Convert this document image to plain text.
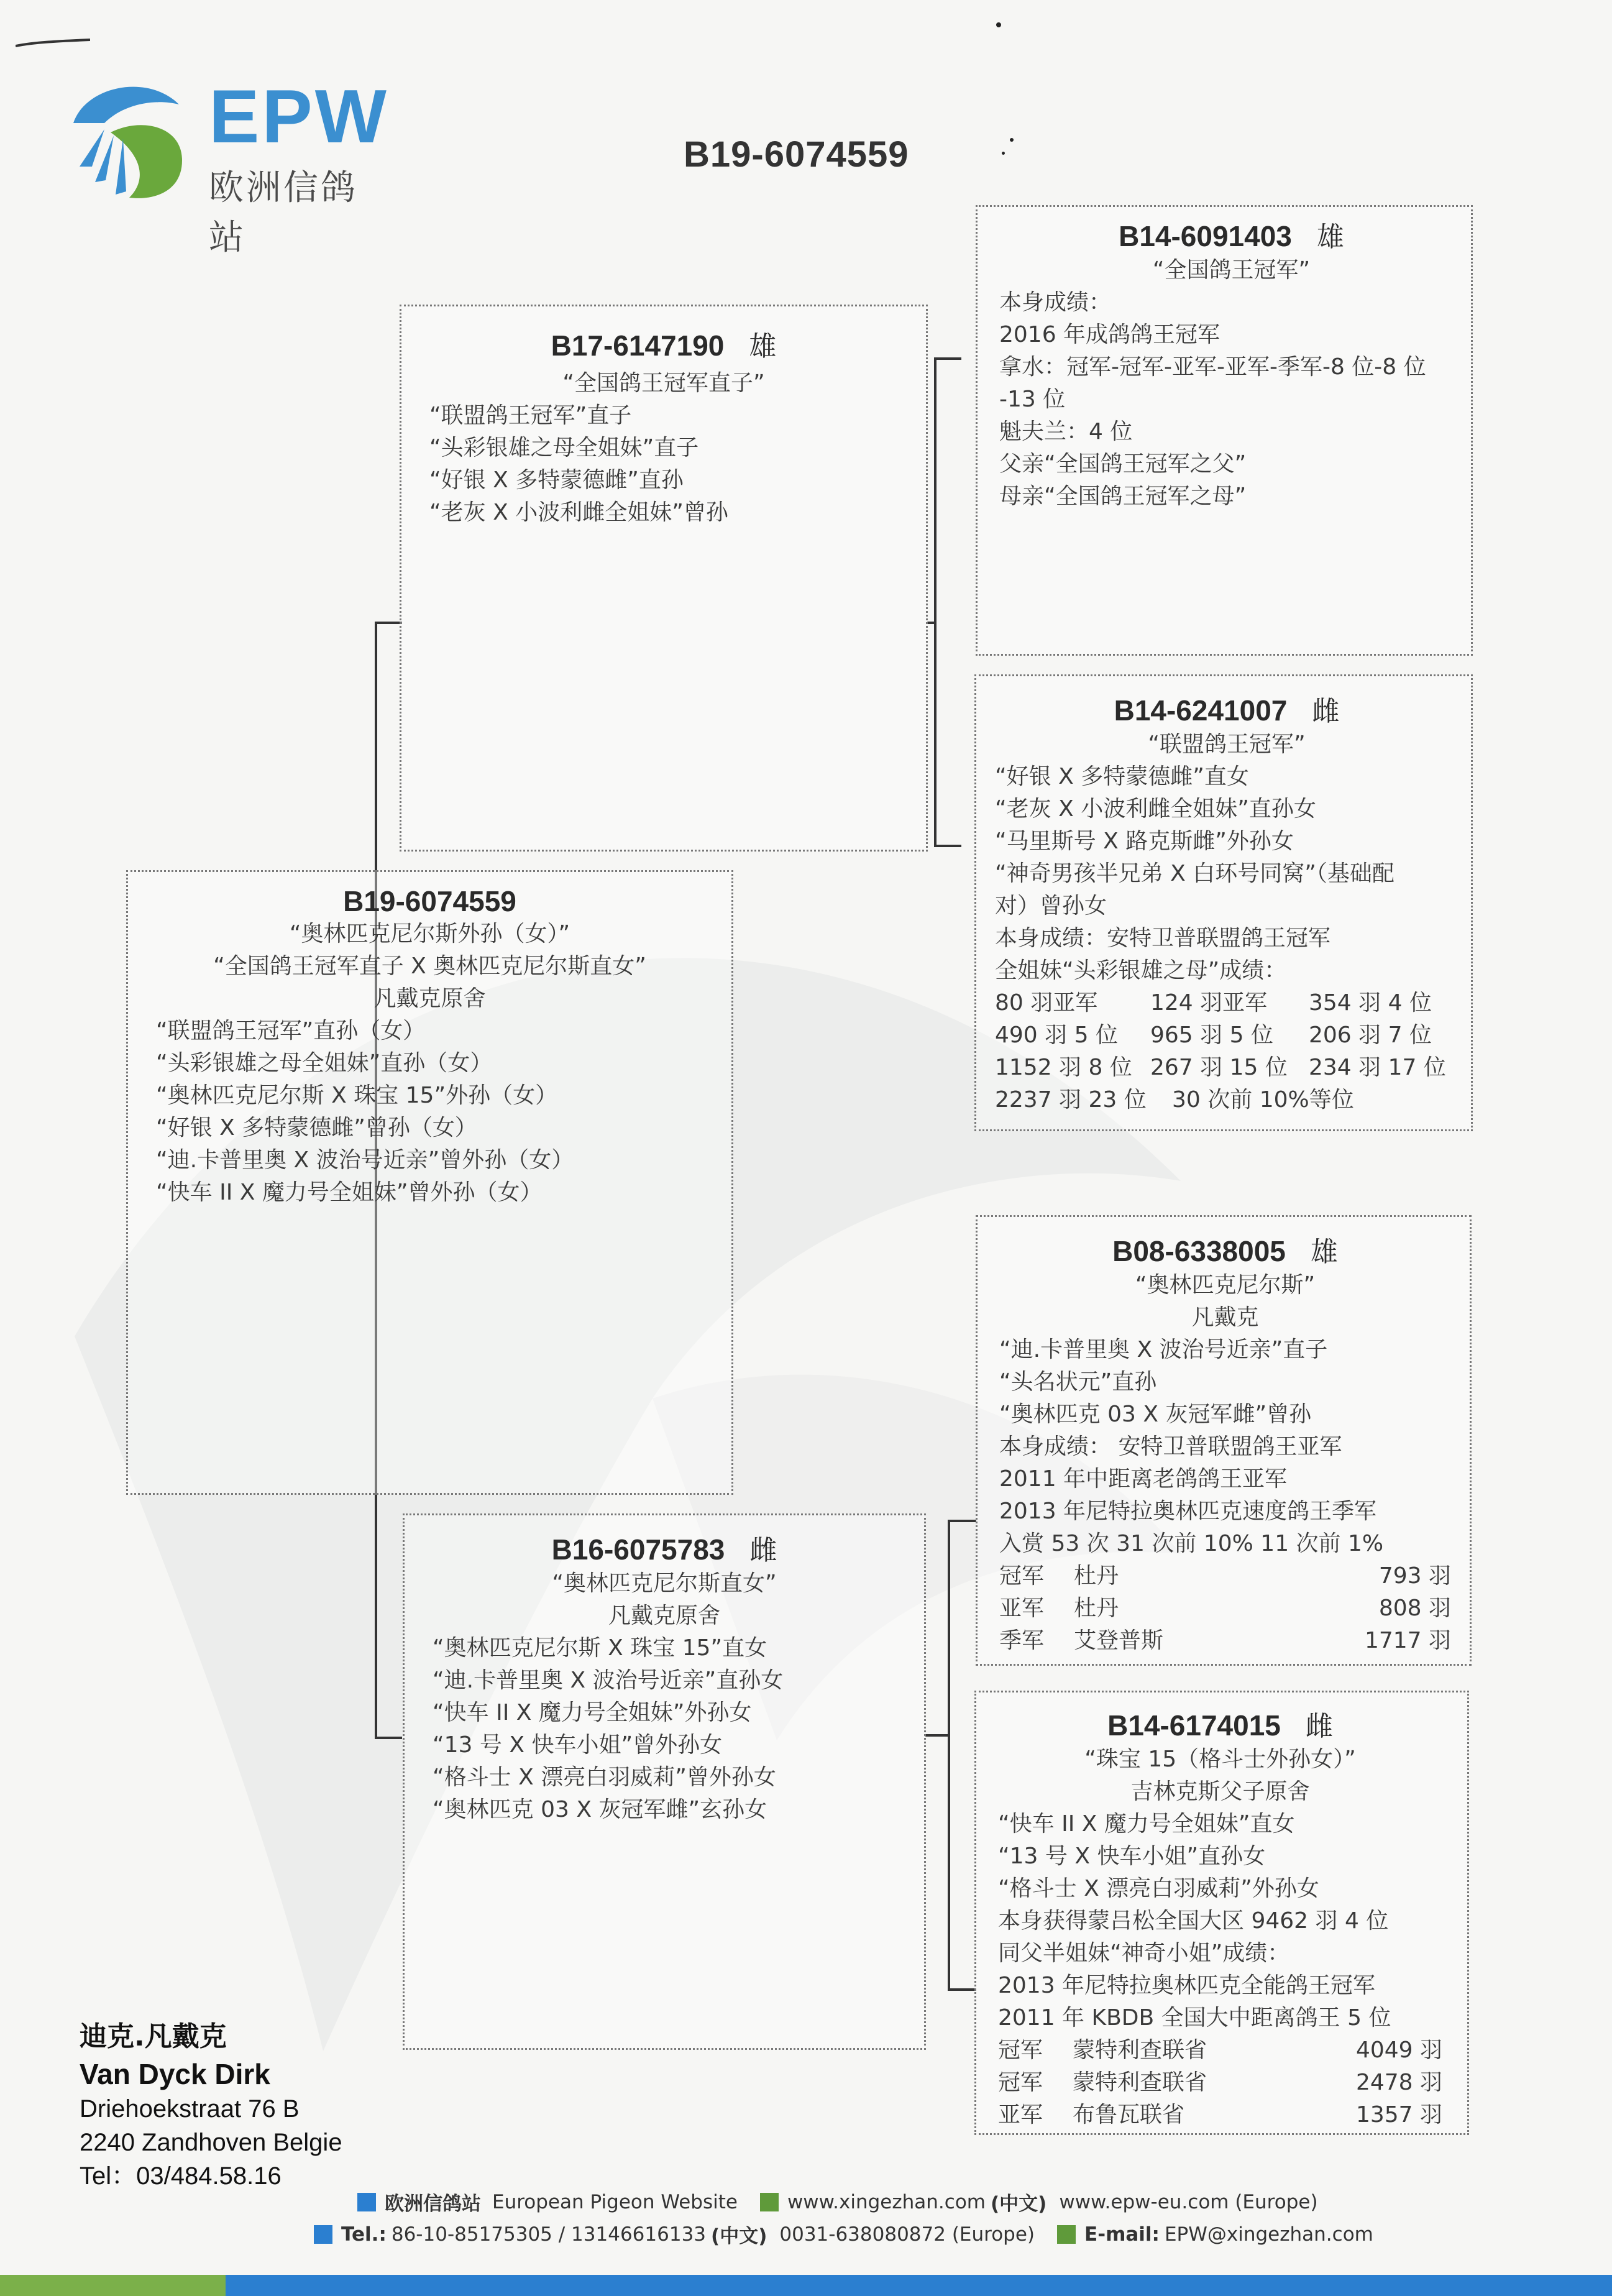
EPW
欧洲信鸽站
B19-6074559
B17-6147190 雄
“全国鸽王冠军直子”
“联盟鸽王冠军”直子
“头彩银雄之母全姐妹”直子
“好银 X 多特蒙德雌”直孙
“老灰 X 小波利雌全姐妹”曾孙
B19-6074559
“奥林匹克尼尔斯外孙（女）”
“全国鸽王冠军直子 X 奥林匹克尼尔斯直女”
凡戴克原舍
“联盟鸽王冠军”直孙（女）
“头彩银雄之母全姐妹”直孙（女）
“奥林匹克尼尔斯 X 珠宝 15”外孙（女）
“好银 X 多特蒙德雌”曾孙（女）
“迪.卡普里奥 X 波治号近亲”曾外孙（女）
“快车 II X 魔力号全姐妹”曾外孙（女）
B16-6075783 雌
“奥林匹克尼尔斯直女”
凡戴克原舍
“奥林匹克尼尔斯 X 珠宝 15”直女
“迪.卡普里奥 X 波治号近亲”直孙女
“快车 II X 魔力号全姐妹”外孙女
“13 号 X 快车小姐”曾外孙女
“格斗士 X 漂亮白羽威莉”曾外孙女
“奥林匹克 03 X 灰冠军雌”玄孙女
B14-6091403 雄
“全国鸽王冠军”
本身成绩：
2016 年成鸽鸽王冠军
拿水：冠军-冠军-亚军-亚军-季军-8 位-8 位
-13 位
魁夫兰：4 位
父亲“全国鸽王冠军之父”
母亲“全国鸽王冠军之母”
B14-6241007 雌
“联盟鸽王冠军”
“好银 X 多特蒙德雌”直女
“老灰 X 小波利雌全姐妹”直孙女
“马里斯号 X 路克斯雌”外孙女
“神奇男孩半兄弟 X 白环号同窝”（基础配
对）曾孙女
本身成绩：安特卫普联盟鸽王冠军
全姐妹“头彩银雄之母”成绩：
80 羽亚军	124 羽亚军	354 羽 4 位
490 羽 5 位	965 羽 5 位	206 羽 7 位
1152 羽 8 位 267 羽 15 位 234 羽 17 位
2237 羽 23 位	30 次前 10%等位
B08-6338005 雄
“奥林匹克尼尔斯”
凡戴克
“迪.卡普里奥 X 波治号近亲”直子
“头名状元”直孙
“奥林匹克 03 X 灰冠军雌”曾孙
本身成绩： 安特卫普联盟鸽王亚军
2011 年中距离老鸽鸽王亚军
2013 年尼特拉奥林匹克速度鸽王季军
入赏 53 次 31 次前 10% 11 次前 1%
冠军 杜丹	793 羽
亚军 杜丹	808 羽
季军 艾登普斯	1717 羽
B14-6174015 雌
“珠宝 15（格斗士外孙女）”
吉林克斯父子原舍
“快车 II X 魔力号全姐妹”直女
“13 号 X 快车小姐”直孙女
“格斗士 X 漂亮白羽威莉”外孙女
本身获得蒙吕松全国大区 9462 羽 4 位
同父半姐妹“神奇小姐”成绩：
2013 年尼特拉奥林匹克全能鸽王冠军
2011 年 KBDB 全国大中距离鸽王 5 位
冠军 蒙特利查联省	4049 羽
冠军 蒙特利查联省	2478 羽
亚军 布鲁瓦联省	1357 羽
迪克.凡戴克
Van Dyck Dirk
Driehoekstraat 76 B
2240 Zandhoven Belgie
Tel：03/484.58.16
欧洲信鸽站 European Pigeon Website	www.xingezhan.com (中文) www.epw-eu.com (Europe)
Tel.: 86-10-85175305 / 13146616133 (中文) 0031-638080872 (Europe)	E-mail: EPW@xingezhan.com
